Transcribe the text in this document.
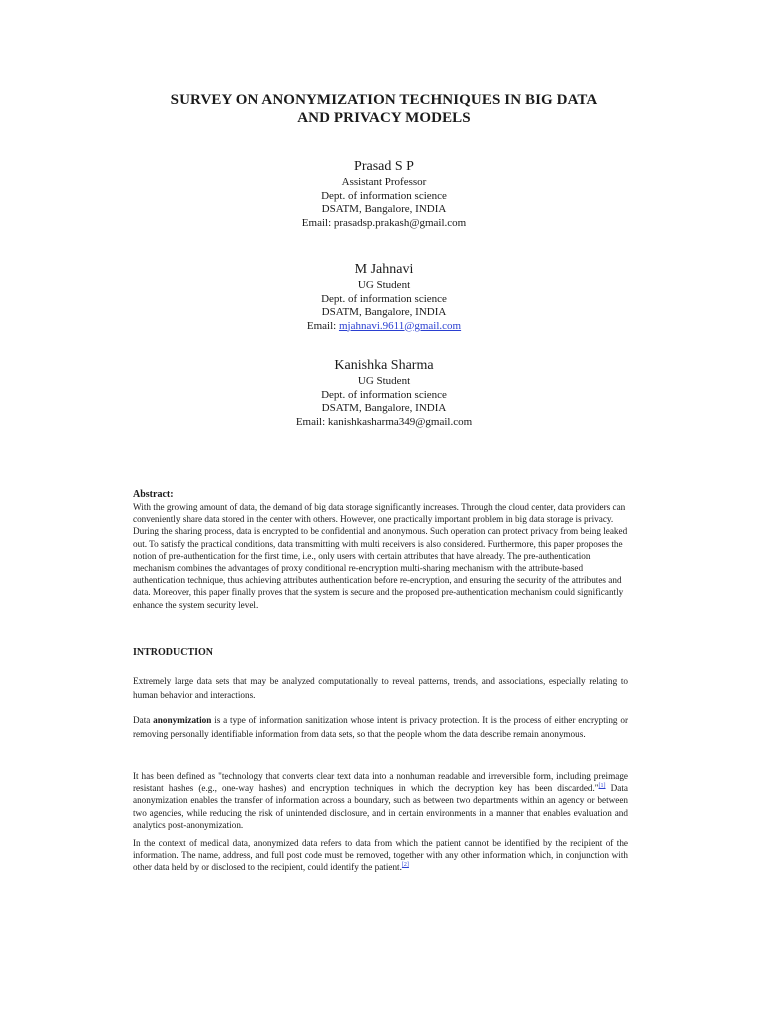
SURVEY ON ANONYMIZATION TECHNIQUES IN BIG DATA
AND PRIVACY MODELS
Prasad S P
Assistant Professor
Dept. of information science
DSATM, Bangalore, INDIA
Email: prasadsp.prakash@gmail.com
M Jahnavi
UG Student
Dept. of information science
DSATM, Bangalore, INDIA
Email: mjahnavi.9611@gmail.com
Kanishka Sharma
UG Student
Dept. of information science
DSATM, Bangalore, INDIA
Email: kanishkasharma349@gmail.com
Abstract:
With the growing amount of data, the demand of big data storage significantly increases. Through the cloud center, data providers can conveniently share data stored in the center with others. However, one practically important problem in big data storage is privacy. During the sharing process, data is encrypted to be confidential and anonymous. Such operation can protect privacy from being leaked out. To satisfy the practical conditions, data transmitting with multi receivers is also considered. Furthermore, this paper proposes the notion of pre-authentication for the first time, i.e., only users with certain attributes that have already. The pre-authentication mechanism combines the advantages of proxy conditional re-encryption multi-sharing mechanism with the attribute-based authentication technique, thus achieving attributes authentication before re-encryption, and ensuring the security of the attributes and data. Moreover, this paper finally proves that the system is secure and the proposed pre-authentication mechanism could significantly enhance the system security level.
INTRODUCTION
Extremely large data sets that may be analyzed computationally to reveal patterns, trends, and associations, especially relating to human behavior and interactions.
Data anonymization is a type of information sanitization whose intent is privacy protection. It is the process of either encrypting or removing personally identifiable information from data sets, so that the people whom the data describe remain anonymous.
It has been defined as "technology that converts clear text data into a nonhuman readable and irreversible form, including preimage resistant hashes (e.g., one-way hashes) and encryption techniques in which the decryption key has been discarded."[1] Data anonymization enables the transfer of information across a boundary, such as between two departments within an agency or between two agencies, while reducing the risk of unintended disclosure, and in certain environments in a manner that enables evaluation and analytics post-anonymization.
In the context of medical data, anonymized data refers to data from which the patient cannot be identified by the recipient of the information. The name, address, and full post code must be removed, together with any other information which, in conjunction with other data held by or disclosed to the recipient, could identify the patient.[2]
